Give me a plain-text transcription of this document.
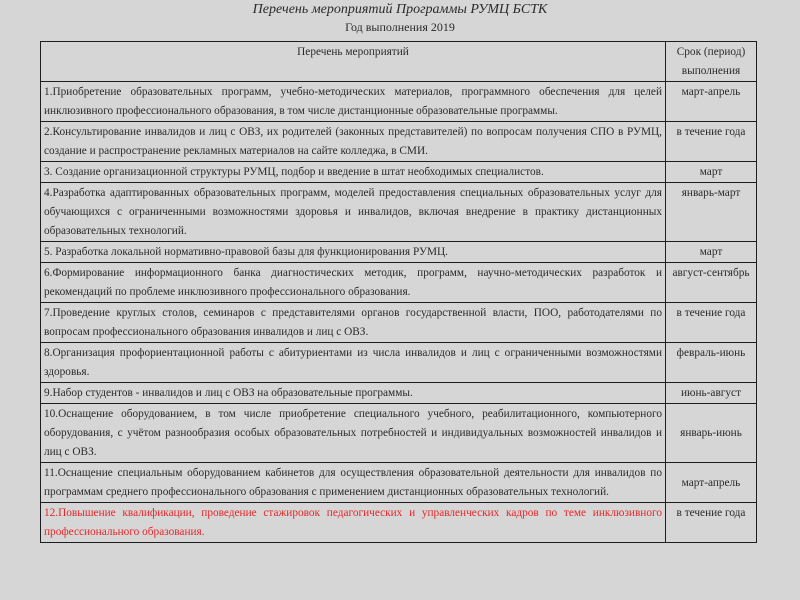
Перечень мероприятий Программы РУМЦ БСТК
Год выполнения 2019
Перечень мероприятий	Срок (период) выполнения
1.Приобретение образовательных программ, учебно-методических материалов, программного обеспечения для целей инклюзивного профессионального образования, в том числе дистанционные образовательные программы.	март-апрель
2.Консультирование инвалидов и лиц с ОВЗ, их родителей (законных представителей) по вопросам получения СПО в РУМЦ, создание и распространение рекламных материалов на сайте колледжа, в СМИ.	в течение года
3. Создание организационной структуры РУМЦ, подбор и введение в штат необходимых специалистов.	март
4.Разработка адаптированных образовательных программ, моделей предоставления специальных образовательных услуг для обучающихся с ограниченными возможностями здоровья и инвалидов, включая внедрение в практику дистанционных образовательных технологий.	январь-март
5. Разработка локальной нормативно-правовой базы для функционирования РУМЦ.	март
6.Формирование информационного банка диагностических методик, программ, научно-методических разработок и рекомендаций по проблеме инклюзивного профессионального образования.	август-сентябрь
7.Проведение круглых столов, семинаров с представителями органов государственной власти, ПОО, работодателями по вопросам профессионального образования инвалидов и лиц с ОВЗ.	в течение года
8.Организация профориентационной работы с абитуриентами из числа инвалидов и лиц с ограниченными возможностями здоровья.	февраль-июнь
9.Набор студентов - инвалидов и лиц с ОВЗ на образовательные программы.	июнь-август
10.Оснащение оборудованием, в том числе приобретение специального учебного, реабилитационного, компьютерного оборудования, с учётом разнообразия особых образовательных потребностей и индивидуальных возможностей инвалидов и лиц с ОВЗ.	январь-июнь
11.Оснащение специальным оборудованием кабинетов для осуществления образовательной деятельности для инвалидов по программам среднего профессионального образования с применением дистанционных образовательных технологий.	март-апрель
12.Повышение квалификации, проведение стажировок педагогических и управленческих кадров по теме инклюзивного профессионального образования.	в течение года
